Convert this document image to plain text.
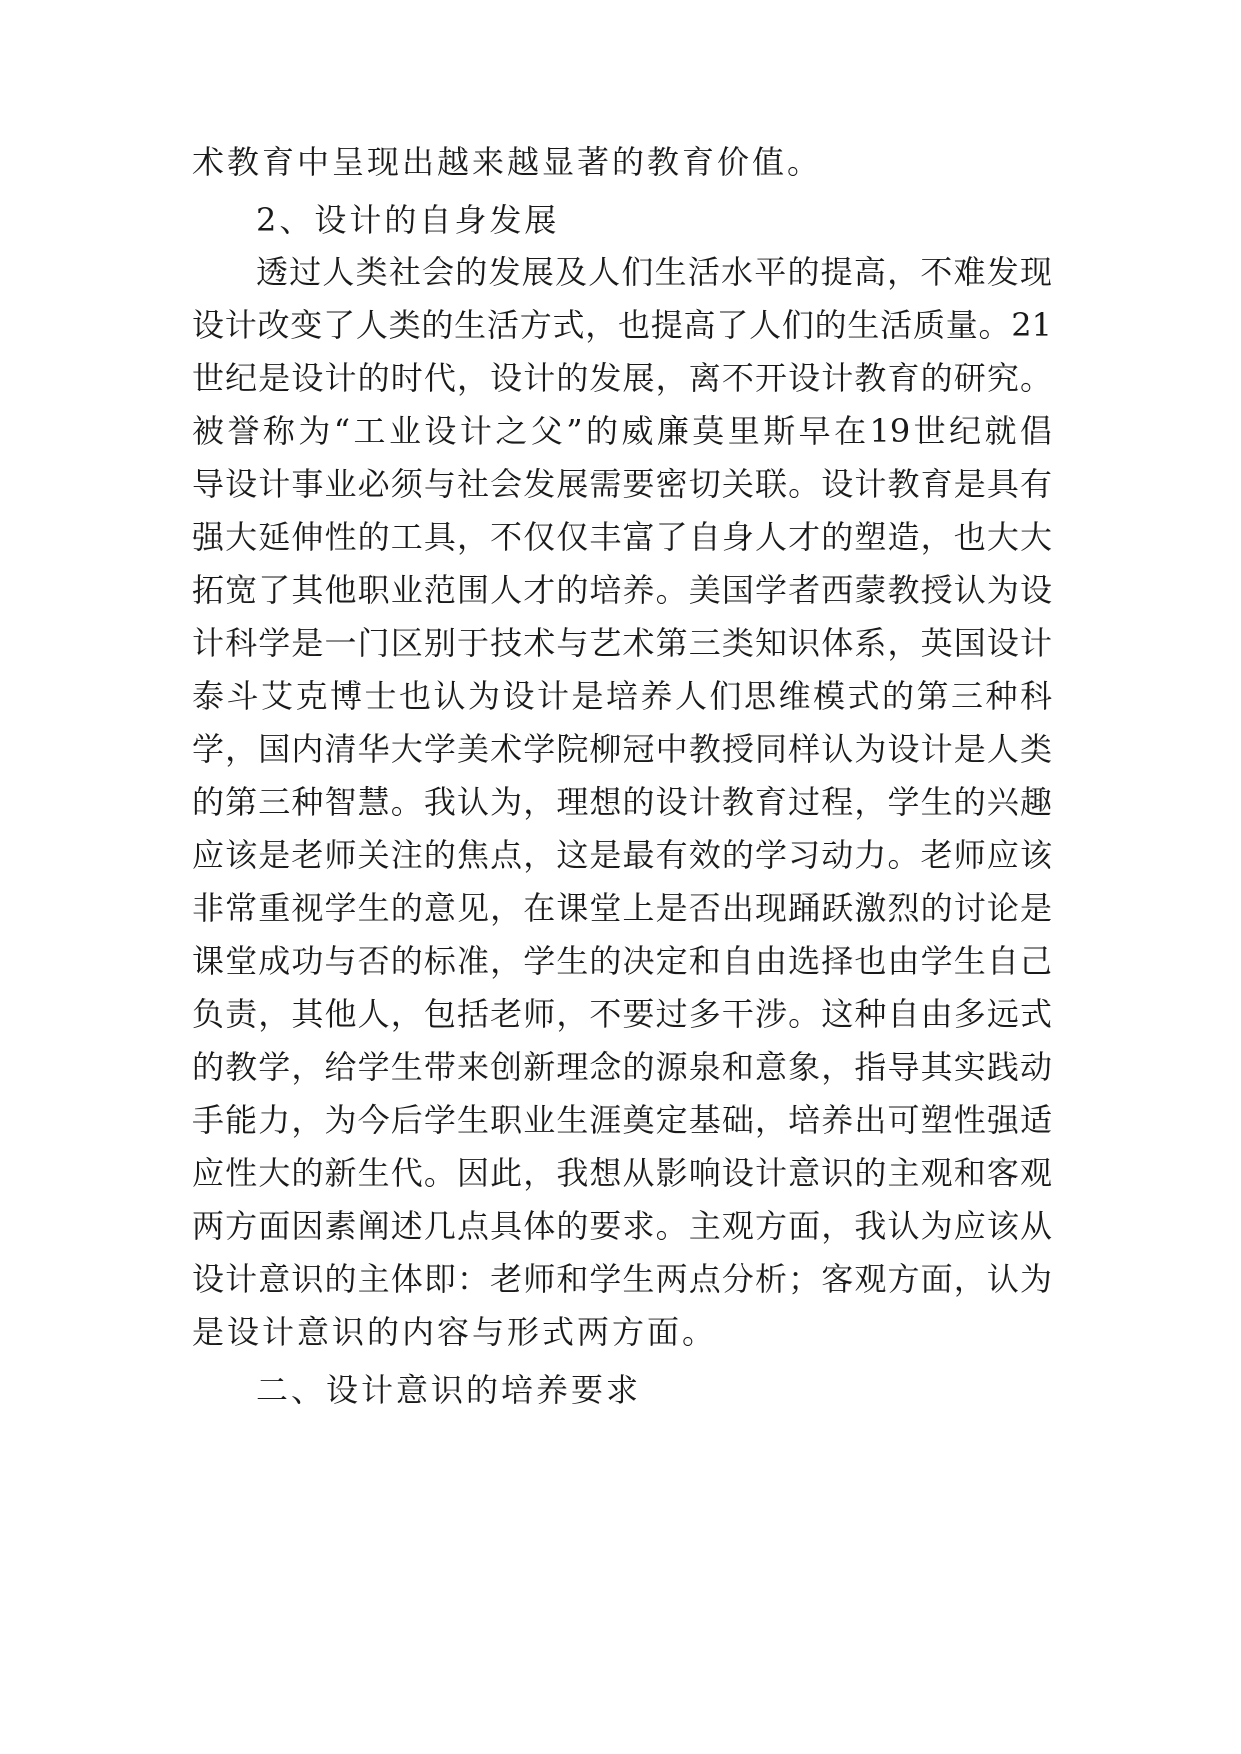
术教育中呈现出越来越显著的教育价值。
2、设计的自身发展
透过人类社会的发展及人们生活水平的提高，不难发现
设计改变了人类的生活方式，也提高了人们的生活质量。21
世纪是设计的时代，设计的发展，离不开设计教育的研究。
被誉称为“工业设计之父”的威廉莫里斯早在19世纪就倡
导设计事业必须与社会发展需要密切关联。设计教育是具有
强大延伸性的工具，不仅仅丰富了自身人才的塑造，也大大
拓宽了其他职业范围人才的培养。美国学者西蒙教授认为设
计科学是一门区别于技术与艺术第三类知识体系，英国设计
泰斗艾克博士也认为设计是培养人们思维模式的第三种科
学，国内清华大学美术学院柳冠中教授同样认为设计是人类
的第三种智慧。我认为，理想的设计教育过程，学生的兴趣
应该是老师关注的焦点，这是最有效的学习动力。老师应该
非常重视学生的意见，在课堂上是否出现踊跃激烈的讨论是
课堂成功与否的标准，学生的决定和自由选择也由学生自己
负责，其他人，包括老师，不要过多干涉。这种自由多远式
的教学，给学生带来创新理念的源泉和意象，指导其实践动
手能力，为今后学生职业生涯奠定基础，培养出可塑性强适
应性大的新生代。因此，我想从影响设计意识的主观和客观
两方面因素阐述几点具体的要求。主观方面，我认为应该从
设计意识的主体即：老师和学生两点分析；客观方面，认为
是设计意识的内容与形式两方面。
二、设计意识的培养要求
